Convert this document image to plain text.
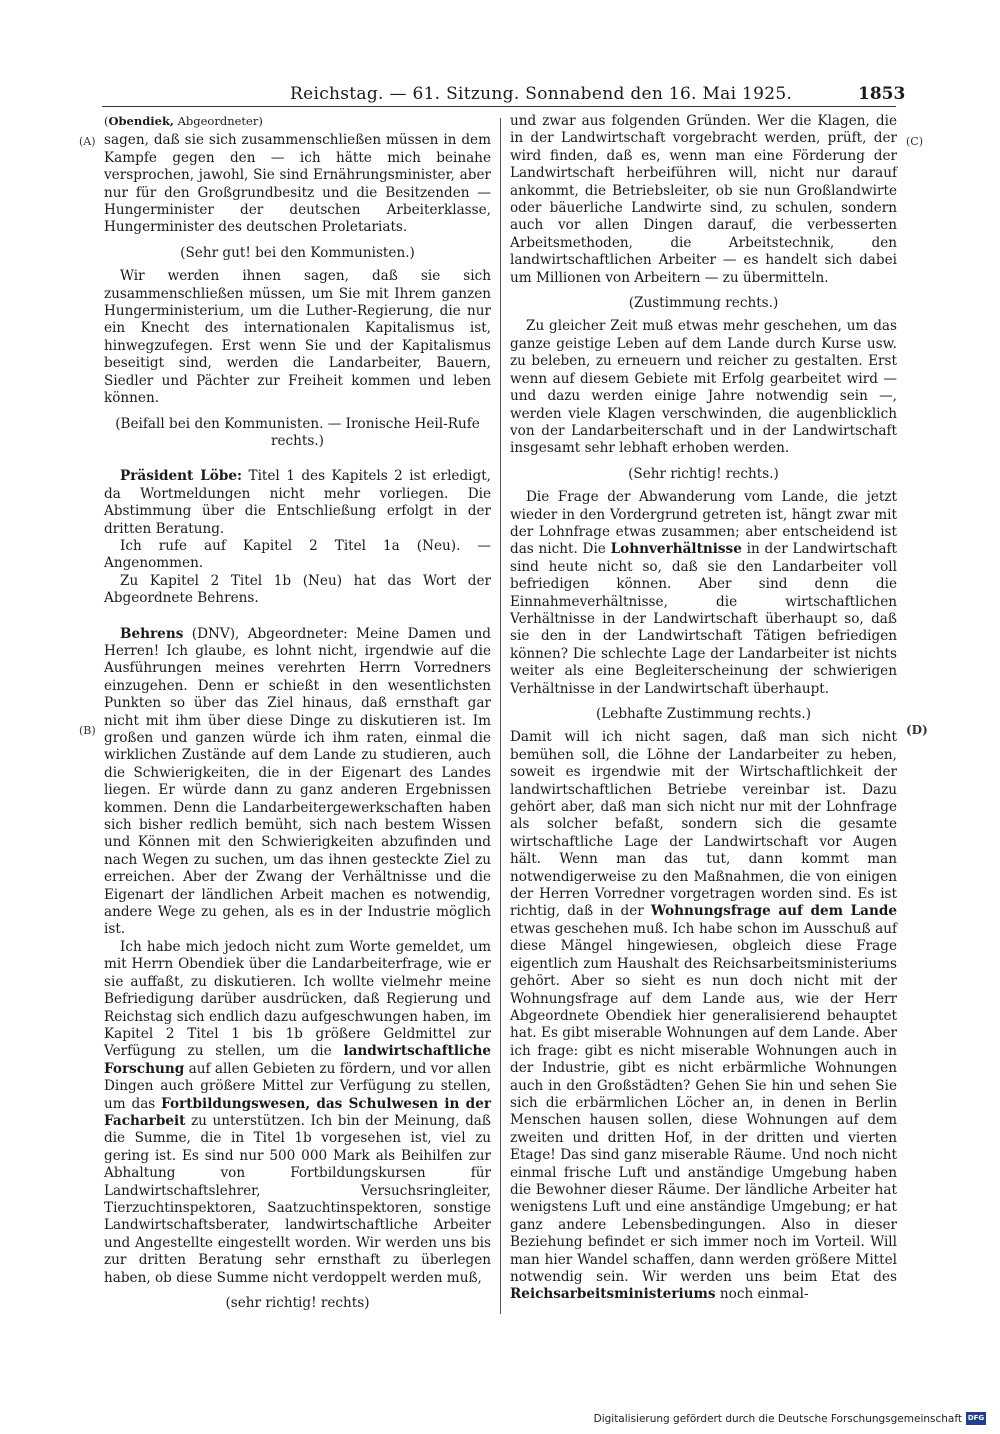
Reichstag. — 61. Sitzung. Sonnabend den 16. Mai 1925.	1853
(A)
(B)
(C)
(D)
(Obendiek, Abgeordneter)

sagen, daß sie sich zusammenschließen müssen in dem Kampfe gegen den — ich hätte mich beinahe versprochen, jawohl, Sie sind Ernährungsminister, aber nur für den Großgrundbesitz und die Besitzenden — Hungerminister der deutschen Arbeiterklasse, Hungerminister des deutschen Proletariats.

(Sehr gut! bei den Kommunisten.)

Wir werden ihnen sagen, daß sie sich zusammenschließen müssen, um Sie mit Ihrem ganzen Hungerministerium, um die Luther-Regierung, die nur ein Knecht des internationalen Kapitalismus ist, hinwegzufegen. Erst wenn Sie und der Kapitalismus beseitigt sind, werden die Landarbeiter, Bauern, Siedler und Pächter zur Freiheit kommen und leben können.

(Beifall bei den Kommunisten. — Ironische Heil-Rufe rechts.)

Präsident Löbe: Titel 1 des Kapitels 2 ist erledigt, da Wortmeldungen nicht mehr vorliegen. Die Abstimmung über die Entschließung erfolgt in der dritten Beratung.

Ich rufe auf Kapitel 2 Titel 1a (Neu). — Angenommen.

Zu Kapitel 2 Titel 1b (Neu) hat das Wort der Abgeordnete Behrens.

Behrens (DNV), Abgeordneter: Meine Damen und Herren! Ich glaube, es lohnt nicht, irgendwie auf die Ausführungen meines verehrten Herrn Vorredners einzugehen. Denn er schießt in den wesentlichsten Punkten so über das Ziel hinaus, daß ernsthaft gar nicht mit ihm über diese Dinge zu diskutieren ist. Im großen und ganzen würde ich ihm raten, einmal die wirklichen Zustände auf dem Lande zu studieren, auch die Schwierigkeiten, die in der Eigenart des Landes liegen. Er würde dann zu ganz anderen Ergebnissen kommen. Denn die Landarbeitergewerkschaften haben sich bisher redlich bemüht, sich nach bestem Wissen und Können mit den Schwierigkeiten abzufinden und nach Wegen zu suchen, um das ihnen gesteckte Ziel zu erreichen. Aber der Zwang der Verhältnisse und die Eigenart der ländlichen Arbeit machen es notwendig, andere Wege zu gehen, als es in der Industrie möglich ist.

Ich habe mich jedoch nicht zum Worte gemeldet, um mit Herrn Obendiek über die Landarbeiterfrage, wie er sie auffaßt, zu diskutieren. Ich wollte vielmehr meine Befriedigung darüber ausdrücken, daß Regierung und Reichstag sich endlich dazu aufgeschwungen haben, im Kapitel 2 Titel 1 bis 1b größere Geldmittel zur Verfügung zu stellen, um die landwirtschaftliche Forschung auf allen Gebieten zu fördern, und vor allen Dingen auch größere Mittel zur Verfügung zu stellen, um das Fortbildungswesen, das Schulwesen in der Facharbeit zu unterstützen. Ich bin der Meinung, daß die Summe, die in Titel 1b vorgesehen ist, viel zu gering ist. Es sind nur 500 000 Mark als Beihilfen zur Abhaltung von Fortbildungskursen für Landwirtschaftslehrer, Versuchsringleiter, Tierzuchtinspektoren, Saatzuchtinspektoren, sonstige Landwirtschaftsberater, landwirtschaftliche Arbeiter und Angestellte eingestellt worden. Wir werden uns bis zur dritten Beratung sehr ernsthaft zu überlegen haben, ob diese Summe nicht verdoppelt werden muß,

(sehr richtig! rechts)

und zwar aus folgenden Gründen. Wer die Klagen, die in der Landwirtschaft vorgebracht werden, prüft, der wird finden, daß es, wenn man eine Förderung der Landwirtschaft herbeiführen will, nicht nur darauf ankommt, die Betriebsleiter, ob sie nun Großlandwirte oder bäuerliche Landwirte sind, zu schulen, sondern auch vor allen Dingen darauf, die verbesserten Arbeitsmethoden, die Arbeitstechnik, den landwirtschaftlichen Arbeiter — es handelt sich dabei um Millionen von Arbeitern — zu übermitteln.

(Zustimmung rechts.)

Zu gleicher Zeit muß etwas mehr geschehen, um das ganze geistige Leben auf dem Lande durch Kurse usw. zu beleben, zu erneuern und reicher zu gestalten. Erst wenn auf diesem Gebiete mit Erfolg gearbeitet wird — und dazu werden einige Jahre notwendig sein —, werden viele Klagen verschwinden, die augenblicklich von der Landarbeiterschaft und in der Landwirtschaft insgesamt sehr lebhaft erhoben werden.

(Sehr richtig! rechts.)

Die Frage der Abwanderung vom Lande, die jetzt wieder in den Vordergrund getreten ist, hängt zwar mit der Lohnfrage etwas zusammen; aber entscheidend ist das nicht. Die Lohnverhältnisse in der Landwirtschaft sind heute nicht so, daß sie den Landarbeiter voll befriedigen können. Aber sind denn die Einnahmeverhältnisse, die wirtschaftlichen Verhältnisse in der Landwirtschaft überhaupt so, daß sie den in der Landwirtschaft Tätigen befriedigen können? Die schlechte Lage der Landarbeiter ist nichts weiter als eine Begleiterscheinung der schwierigen Verhältnisse in der Landwirtschaft überhaupt.

(Lebhafte Zustimmung rechts.)

Damit will ich nicht sagen, daß man sich nicht bemühen soll, die Löhne der Landarbeiter zu heben, soweit es irgendwie mit der Wirtschaftlichkeit der landwirtschaftlichen Betriebe vereinbar ist. Dazu gehört aber, daß man sich nicht nur mit der Lohnfrage als solcher befaßt, sondern sich die gesamte wirtschaftliche Lage der Landwirtschaft vor Augen hält. Wenn man das tut, dann kommt man notwendigerweise zu den Maßnahmen, die von einigen der Herren Vorredner vorgetragen worden sind. Es ist richtig, daß in der Wohnungsfrage auf dem Lande etwas geschehen muß. Ich habe schon im Ausschuß auf diese Mängel hingewiesen, obgleich diese Frage eigentlich zum Haushalt des Reichsarbeitsministeriums gehört. Aber so sieht es nun doch nicht mit der Wohnungsfrage auf dem Lande aus, wie der Herr Abgeordnete Obendiek hier generalisierend behauptet hat. Es gibt miserable Wohnungen auf dem Lande. Aber ich frage: gibt es nicht miserable Wohnungen auch in der Industrie, gibt es nicht erbärmliche Wohnungen auch in den Großstädten? Gehen Sie hin und sehen Sie sich die erbärmlichen Löcher an, in denen in Berlin Menschen hausen sollen, diese Wohnungen auf dem zweiten und dritten Hof, in der dritten und vierten Etage! Das sind ganz miserable Räume. Und noch nicht einmal frische Luft und anständige Umgebung haben die Bewohner dieser Räume. Der ländliche Arbeiter hat wenigstens Luft und eine anständige Umgebung; er hat ganz andere Lebensbedingungen. Also in dieser Beziehung befindet er sich immer noch im Vorteil. Will man hier Wandel schaffen, dann werden größere Mittel notwendig sein. Wir werden uns beim Etat des Reichsarbeitsministeriums noch einmal-

Digitalisierung gefördert durch die Deutsche Forschungsgemeinschaft DFG
